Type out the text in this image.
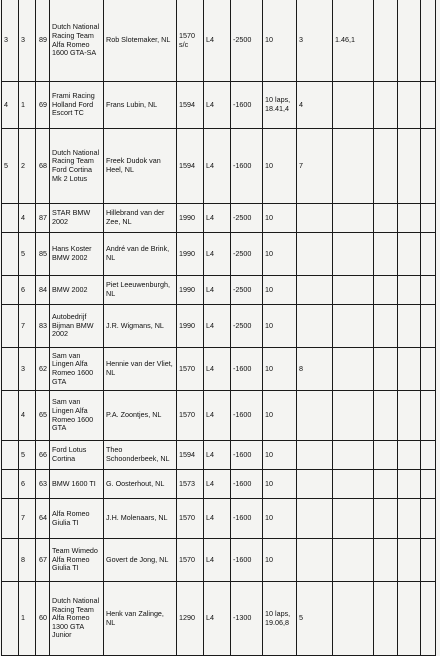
3	3	89	Dutch National Racing Team Alfa Romeo 1600 GTA-SA	Rob Slotemaker, NL	1570 s/c	L4	-2500	10	3	1.46,1			
4	1	69	Frami Racing Holland Ford Escort TC	Frans Lubin, NL	1594	L4	-1600	10 laps, 18.41,4	4				
5	2	68	Dutch National Racing Team Ford Cortina Mk 2 Lotus	Freek Dudok van Heel, NL	1594	L4	-1600	10	7				
	4	87	STAR BMW 2002	Hillebrand van der Zee, NL	1990	L4	-2500	10					
	5	85	Hans Koster BMW 2002	André van de Brink, NL	1990	L4	-2500	10					
	6	84	BMW 2002	Piet Leeuwenburgh, NL	1990	L4	-2500	10					
	7	83	Autobedrijf Bijman BMW 2002	J.R. Wigmans, NL	1990	L4	-2500	10					
	3	62	Sam van Lingen Alfa Romeo 1600 GTA	Hennie van der Vliet, NL	1570	L4	-1600	10	8				
	4	65	Sam van Lingen Alfa Romeo 1600 GTA	P.A. Zoontjes, NL	1570	L4	-1600	10					
	5	66	Ford Lotus Cortina	Theo Schoonderbeek, NL	1594	L4	-1600	10					
	6	63	BMW 1600 TI	G. Oosterhout, NL	1573	L4	-1600	10					
	7	64	Alfa Romeo Giulia TI	J.H. Molenaars, NL	1570	L4	-1600	10					
	8	67	Team Wimedo Alfa Romeo Giulia TI	Govert de Jong, NL	1570	L4	-1600	10					
	1	60	Dutch National Racing Team Alfa Romeo 1300 GTA Junior	Henk van Zalinge, NL	1290	L4	-1300	10 laps, 19.06,8	5				
